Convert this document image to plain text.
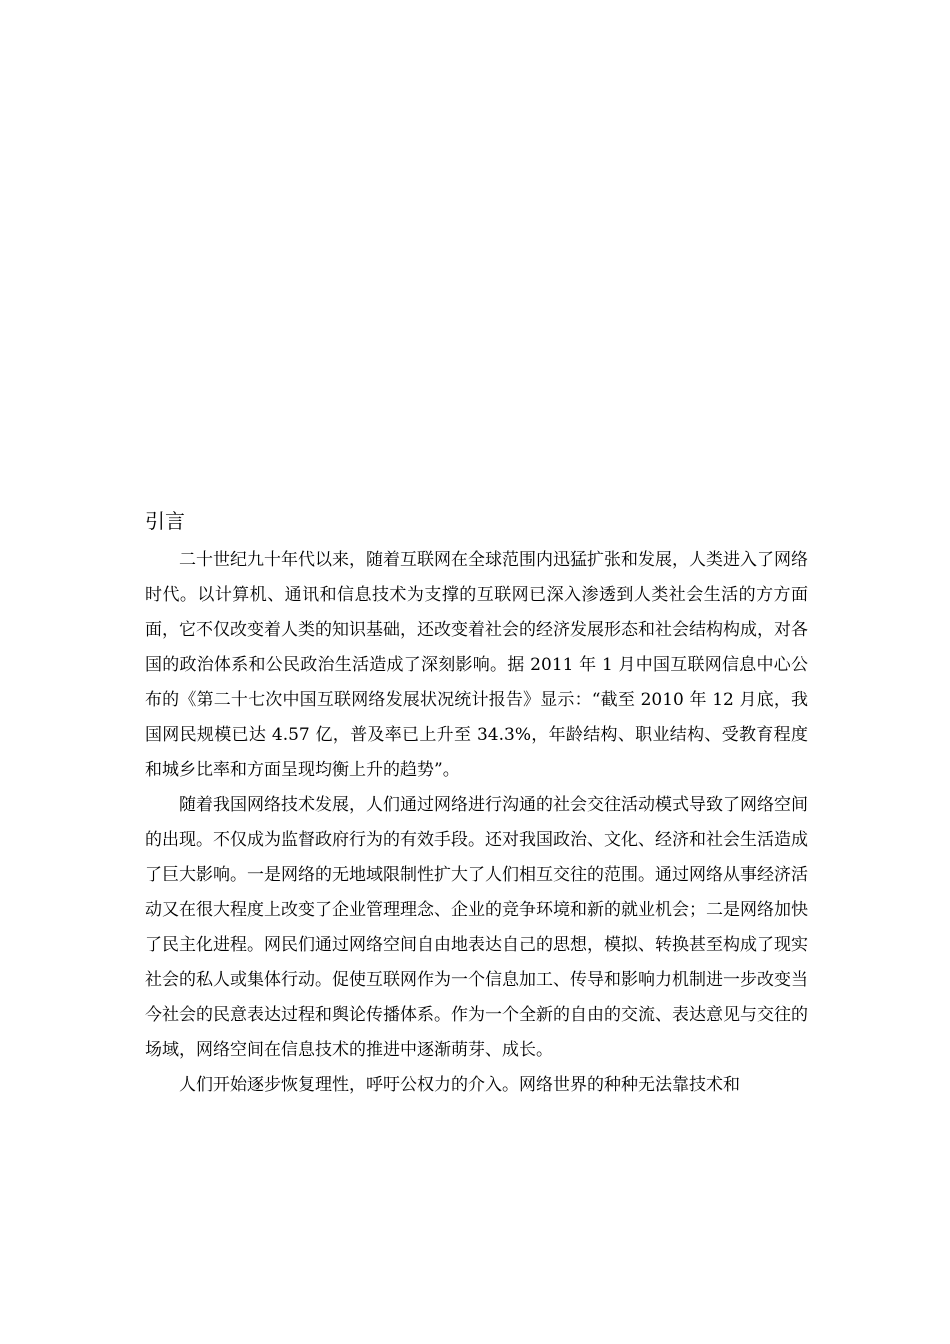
引言

二十世纪九十年代以来，随着互联网在全球范围内迅猛扩张和发展，人类进入了网络时代。以计算机、通讯和信息技术为支撑的互联网已深入渗透到人类社会生活的方方面面，它不仅改变着人类的知识基础，还改变着社会的经济发展形态和社会结构构成，对各国的政治体系和公民政治生活造成了深刻影响。据 2011 年 1 月中国互联网信息中心公布的《第二十七次中国互联网络发展状况统计报告》显示：“截至 2010 年 12 月底，我国网民规模已达 4.57 亿，普及率已上升至 34.3%，年龄结构、职业结构、受教育程度和城乡比率和方面呈现均衡上升的趋势”。

随着我国网络技术发展，人们通过网络进行沟通的社会交往活动模式导致了网络空间的出现。不仅成为监督政府行为的有效手段。还对我国政治、文化、经济和社会生活造成了巨大影响。一是网络的无地域限制性扩大了人们相互交往的范围。通过网络从事经济活动又在很大程度上改变了企业管理理念、企业的竞争环境和新的就业机会；二是网络加快了民主化进程。网民们通过网络空间自由地表达自己的思想，模拟、转换甚至构成了现实社会的私人或集体行动。促使互联网作为一个信息加工、传导和影响力机制进一步改变当今社会的民意表达过程和舆论传播体系。作为一个全新的自由的交流、表达意见与交往的场域，网络空间在信息技术的推进中逐渐萌芽、成长。

人们开始逐步恢复理性，呼吁公权力的介入。网络世界的种种无法靠技术和
